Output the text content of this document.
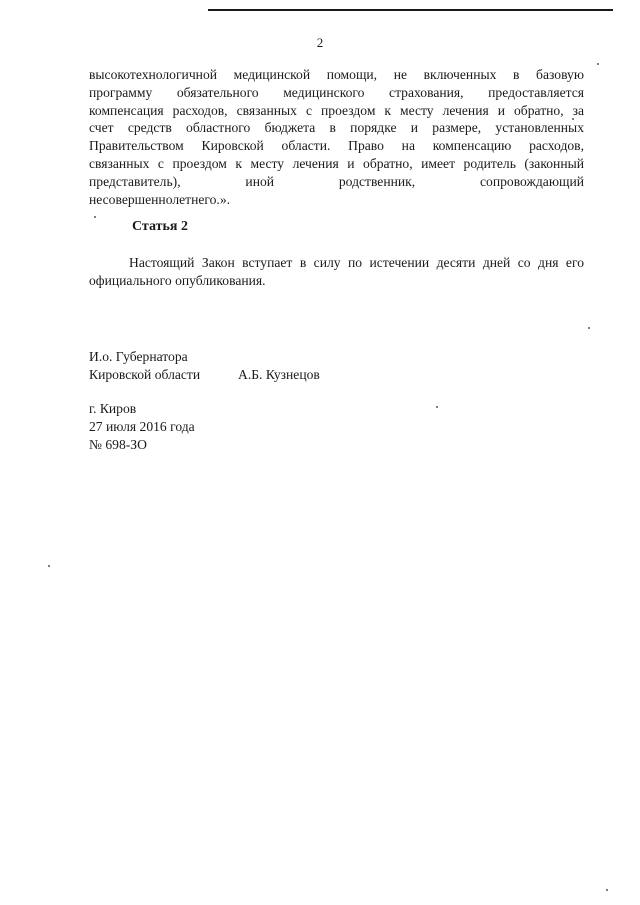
2
высокотехнологичной медицинской помощи, не включенных в базовую
программу обязательного медицинского страхования, предоставляется
компенсация расходов, связанных с проездом к месту лечения и обратно, за
счет средств областного бюджета в порядке и размере, установленных
Правительством Кировской области. Право на компенсацию расходов,
связанных с проездом к месту лечения и обратно, имеет родитель (законный
представитель), иной родственник, сопровождающий
несовершеннолетнего.».
Статья 2
Настоящий Закон вступает в силу по истечении десяти дней со дня его официального опубликования.
И.о. Губернатора
Кировской области	А.Б. Кузнецов
г. Киров
27 июля 2016 года
№ 698-ЗО
